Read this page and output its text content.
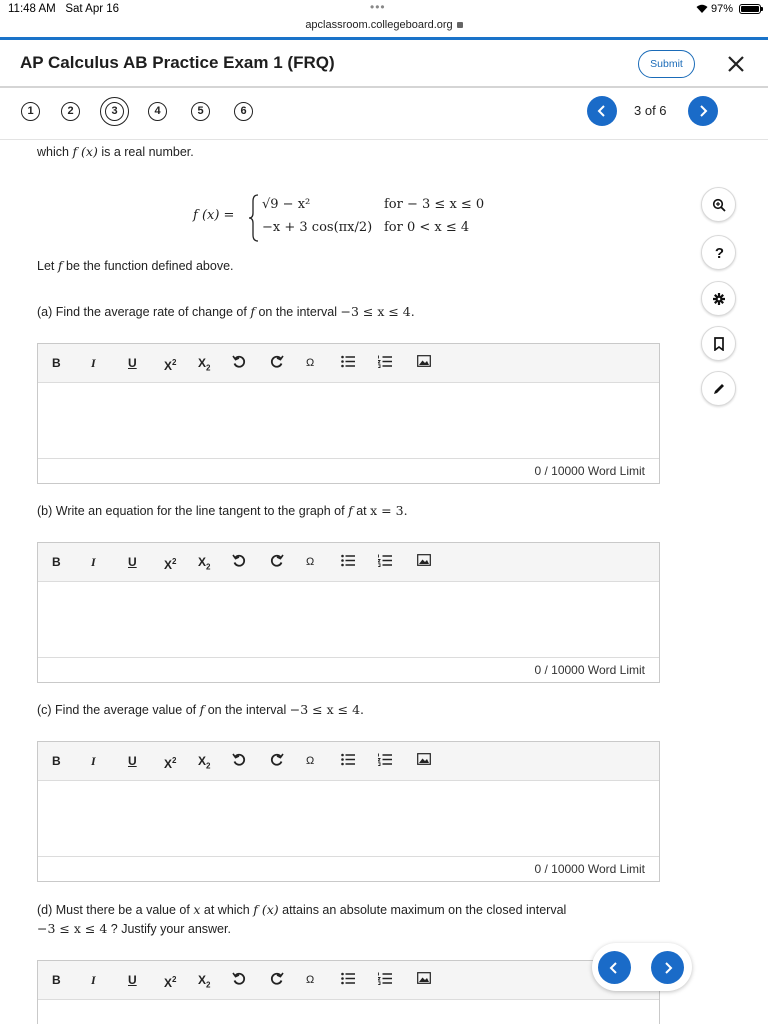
11:48 AM Sat Apr 16	•••
apclassroom.collegeboard.org
97%
AP Calculus AB Practice Exam 1 (FRQ)	Submit
1	2	3	4	5	6	3 of 6
which f (x) is a real number.
f (x) =
√9 − x²	for − 3 ≤ x ≤ 0
−x + 3 cos(πx/2) for 0 < x ≤ 4
Let f be the function defined above.
(a) Find the average rate of change of f on the interval −3 ≤ x ≤ 4.
B	I	U $X^2$ $X_2$	Ω
0 / 10000 Word Limit
(b) Write an equation for the line tangent to the graph of f at x = 3.
B	I	U $X^2$ $X_2$	Ω
0 / 10000 Word Limit
(c) Find the average value of f on the interval −3 ≤ x ≤ 4.
B	I	U $X^2$ $X_2$	Ω
0 / 10000 Word Limit
(d) Must there be a value of x at which f (x) attains an absolute maximum on the closed interval
−3 ≤ x ≤ 4 ? Justify your answer.
B	I	U $X^2$ $X_2$	Ω
?
